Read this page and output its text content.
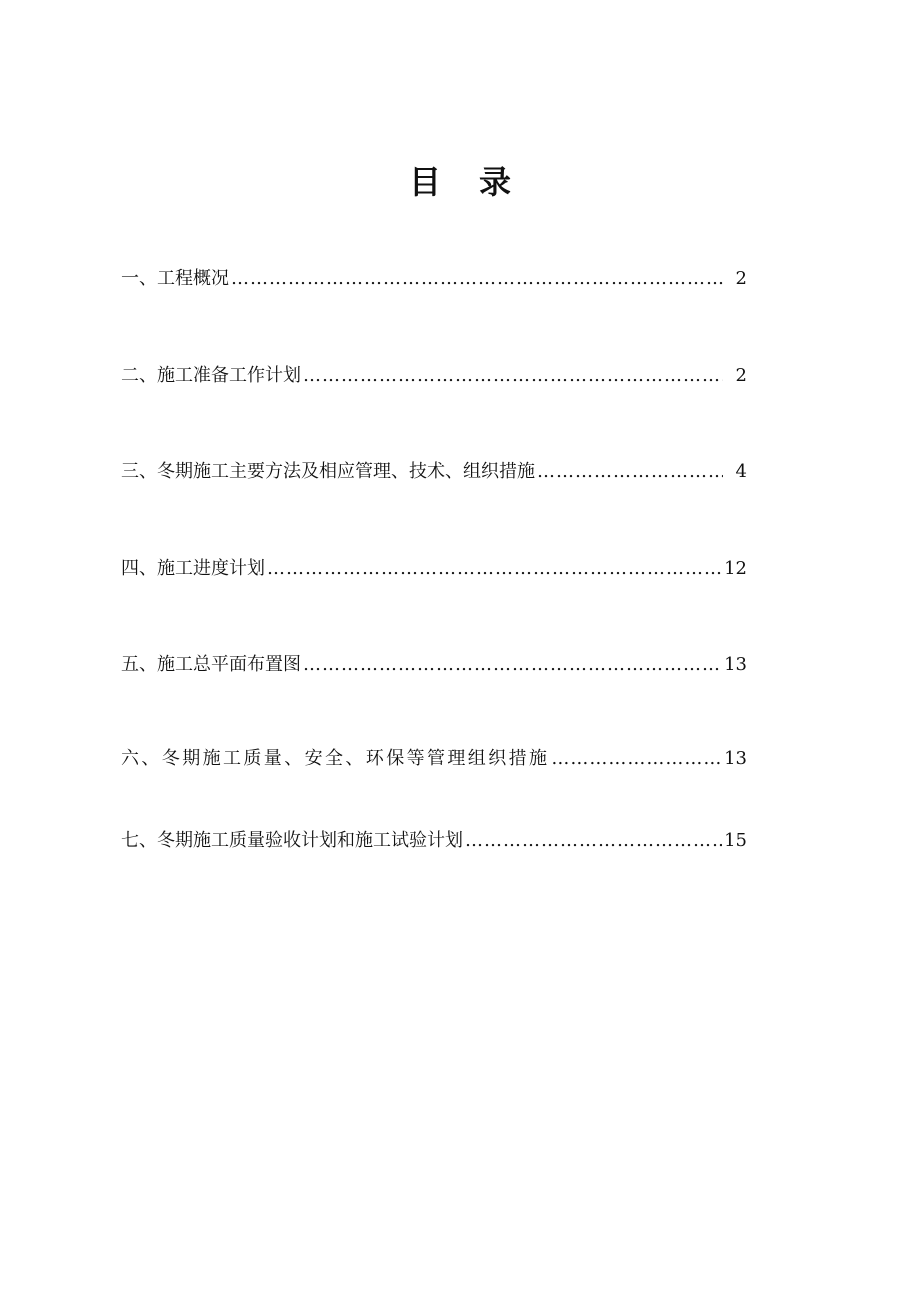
目录
一、工程概况 …………………………………………………………………………………………………………………………………………	2
二、施工准备工作计划 …………………………………………………………………………………………………………………………………………	2
三、冬期施工主要方法及相应管理、技术、组织措施 …………………………………………………………………………………………………………………………………………	4
四、施工进度计划 …………………………………………………………………………………………………………………………………………	12
五、施工总平面布置图 …………………………………………………………………………………………………………………………………………	13
六、冬期施工质量、安全、环保等管理组织措施 …………………………………………………………………………………………………………………………………………	13
七、冬期施工质量验收计划和施工试验计划 …………………………………………………………………………………………………………………………………………	15
